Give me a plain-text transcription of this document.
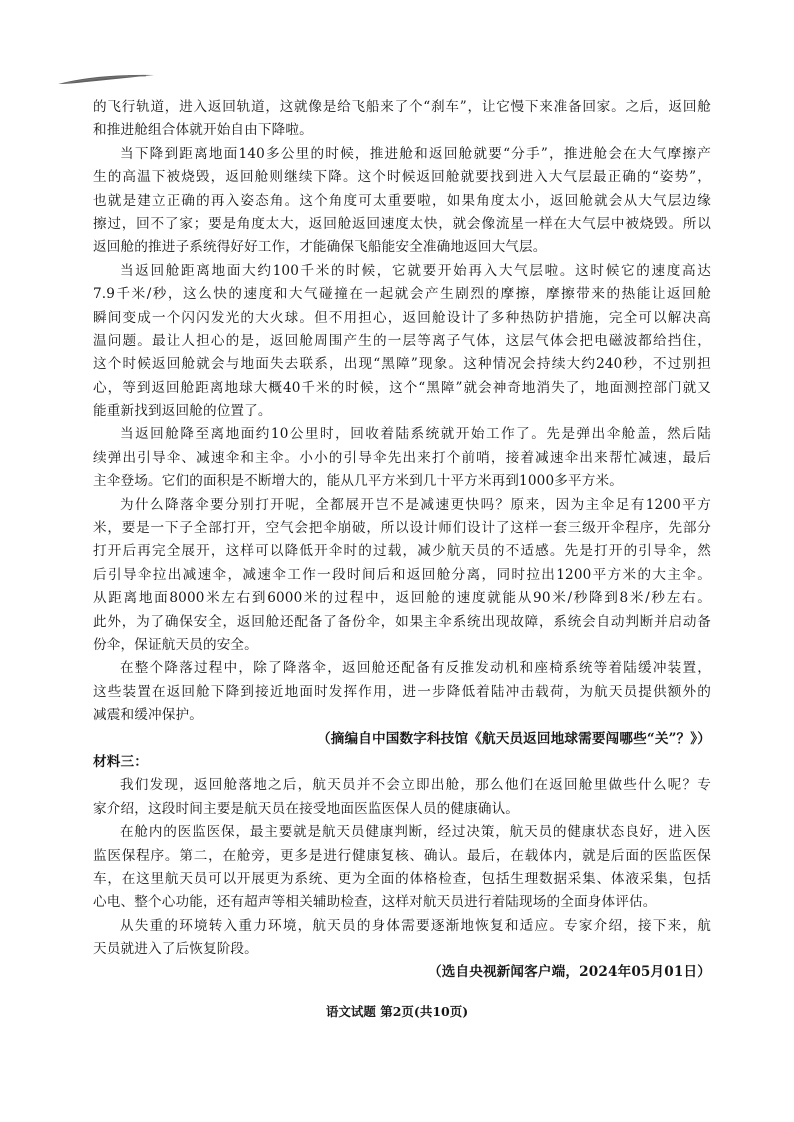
的飞行轨道，进入返回轨道，这就像是给飞船来了个“刹车”，让它慢下来准备回家。之后，返回舱
和推进舱组合体就开始自由下降啦。
当下降到距离地面140多公里的时候，推进舱和返回舱就要“分手”，推进舱会在大气摩擦产
生的高温下被烧毁，返回舱则继续下降。这个时候返回舱就要找到进入大气层最正确的“姿势”，
也就是建立正确的再入姿态角。这个角度可太重要啦，如果角度太小，返回舱就会从大气层边缘
擦过，回不了家；要是角度太大，返回舱返回速度太快，就会像流星一样在大气层中被烧毁。所以
返回舱的推进子系统得好好工作，才能确保飞船能安全准确地返回大气层。
当返回舱距离地面大约100千米的时候，它就要开始再入大气层啦。这时候它的速度高达
7.9千米/秒，这么快的速度和大气碰撞在一起就会产生剧烈的摩擦，摩擦带来的热能让返回舱
瞬间变成一个闪闪发光的大火球。但不用担心，返回舱设计了多种热防护措施，完全可以解决高
温问题。最让人担心的是，返回舱周围产生的一层等离子气体，这层气体会把电磁波都给挡住，
这个时候返回舱就会与地面失去联系，出现“黑障”现象。这种情况会持续大约240秒，不过别担
心，等到返回舱距离地球大概40千米的时候，这个“黑障”就会神奇地消失了，地面测控部门就又
能重新找到返回舱的位置了。
当返回舱降至离地面约10公里时，回收着陆系统就开始工作了。先是弹出伞舱盖，然后陆
续弹出引导伞、减速伞和主伞。小小的引导伞先出来打个前哨，接着减速伞出来帮忙减速，最后
主伞登场。它们的面积是不断增大的，能从几平方米到几十平方米再到1000多平方米。
为什么降落伞要分别打开呢，全都展开岂不是减速更快吗？原来，因为主伞足有1200平方
米，要是一下子全部打开，空气会把伞崩破，所以设计师们设计了这样一套三级开伞程序，先部分
打开后再完全展开，这样可以降低开伞时的过载，减少航天员的不适感。先是打开的引导伞，然
后引导伞拉出减速伞，减速伞工作一段时间后和返回舱分离，同时拉出1200平方米的大主伞。
从距离地面8000米左右到6000米的过程中，返回舱的速度就能从90米/秒降到8米/秒左右。
此外，为了确保安全，返回舱还配备了备份伞，如果主伞系统出现故障，系统会自动判断并启动备
份伞，保证航天员的安全。
在整个降落过程中，除了降落伞，返回舱还配备有反推发动机和座椅系统等着陆缓冲装置，
这些装置在返回舱下降到接近地面时发挥作用，进一步降低着陆冲击载荷，为航天员提供额外的
减震和缓冲保护。
（摘编自中国数字科技馆《航天员返回地球需要闯哪些“关”？》）
材料三：
我们发现，返回舱落地之后，航天员并不会立即出舱，那么他们在返回舱里做些什么呢？专
家介绍，这段时间主要是航天员在接受地面医监医保人员的健康确认。
在舱内的医监医保，最主要就是航天员健康判断，经过决策，航天员的健康状态良好，进入医
监医保程序。第二，在舱旁，更多是进行健康复核、确认。最后，在载体内，就是后面的医监医保
车，在这里航天员可以开展更为系统、更为全面的体格检查，包括生理数据采集、体液采集，包括
心电、整个心功能，还有超声等相关辅助检查，这样对航天员进行着陆现场的全面身体评估。
从失重的环境转入重力环境，航天员的身体需要逐渐地恢复和适应。专家介绍，接下来，航
天员就进入了后恢复阶段。
（选自央视新闻客户端，2024年05月01日）
语文试题 第2页(共10页)
